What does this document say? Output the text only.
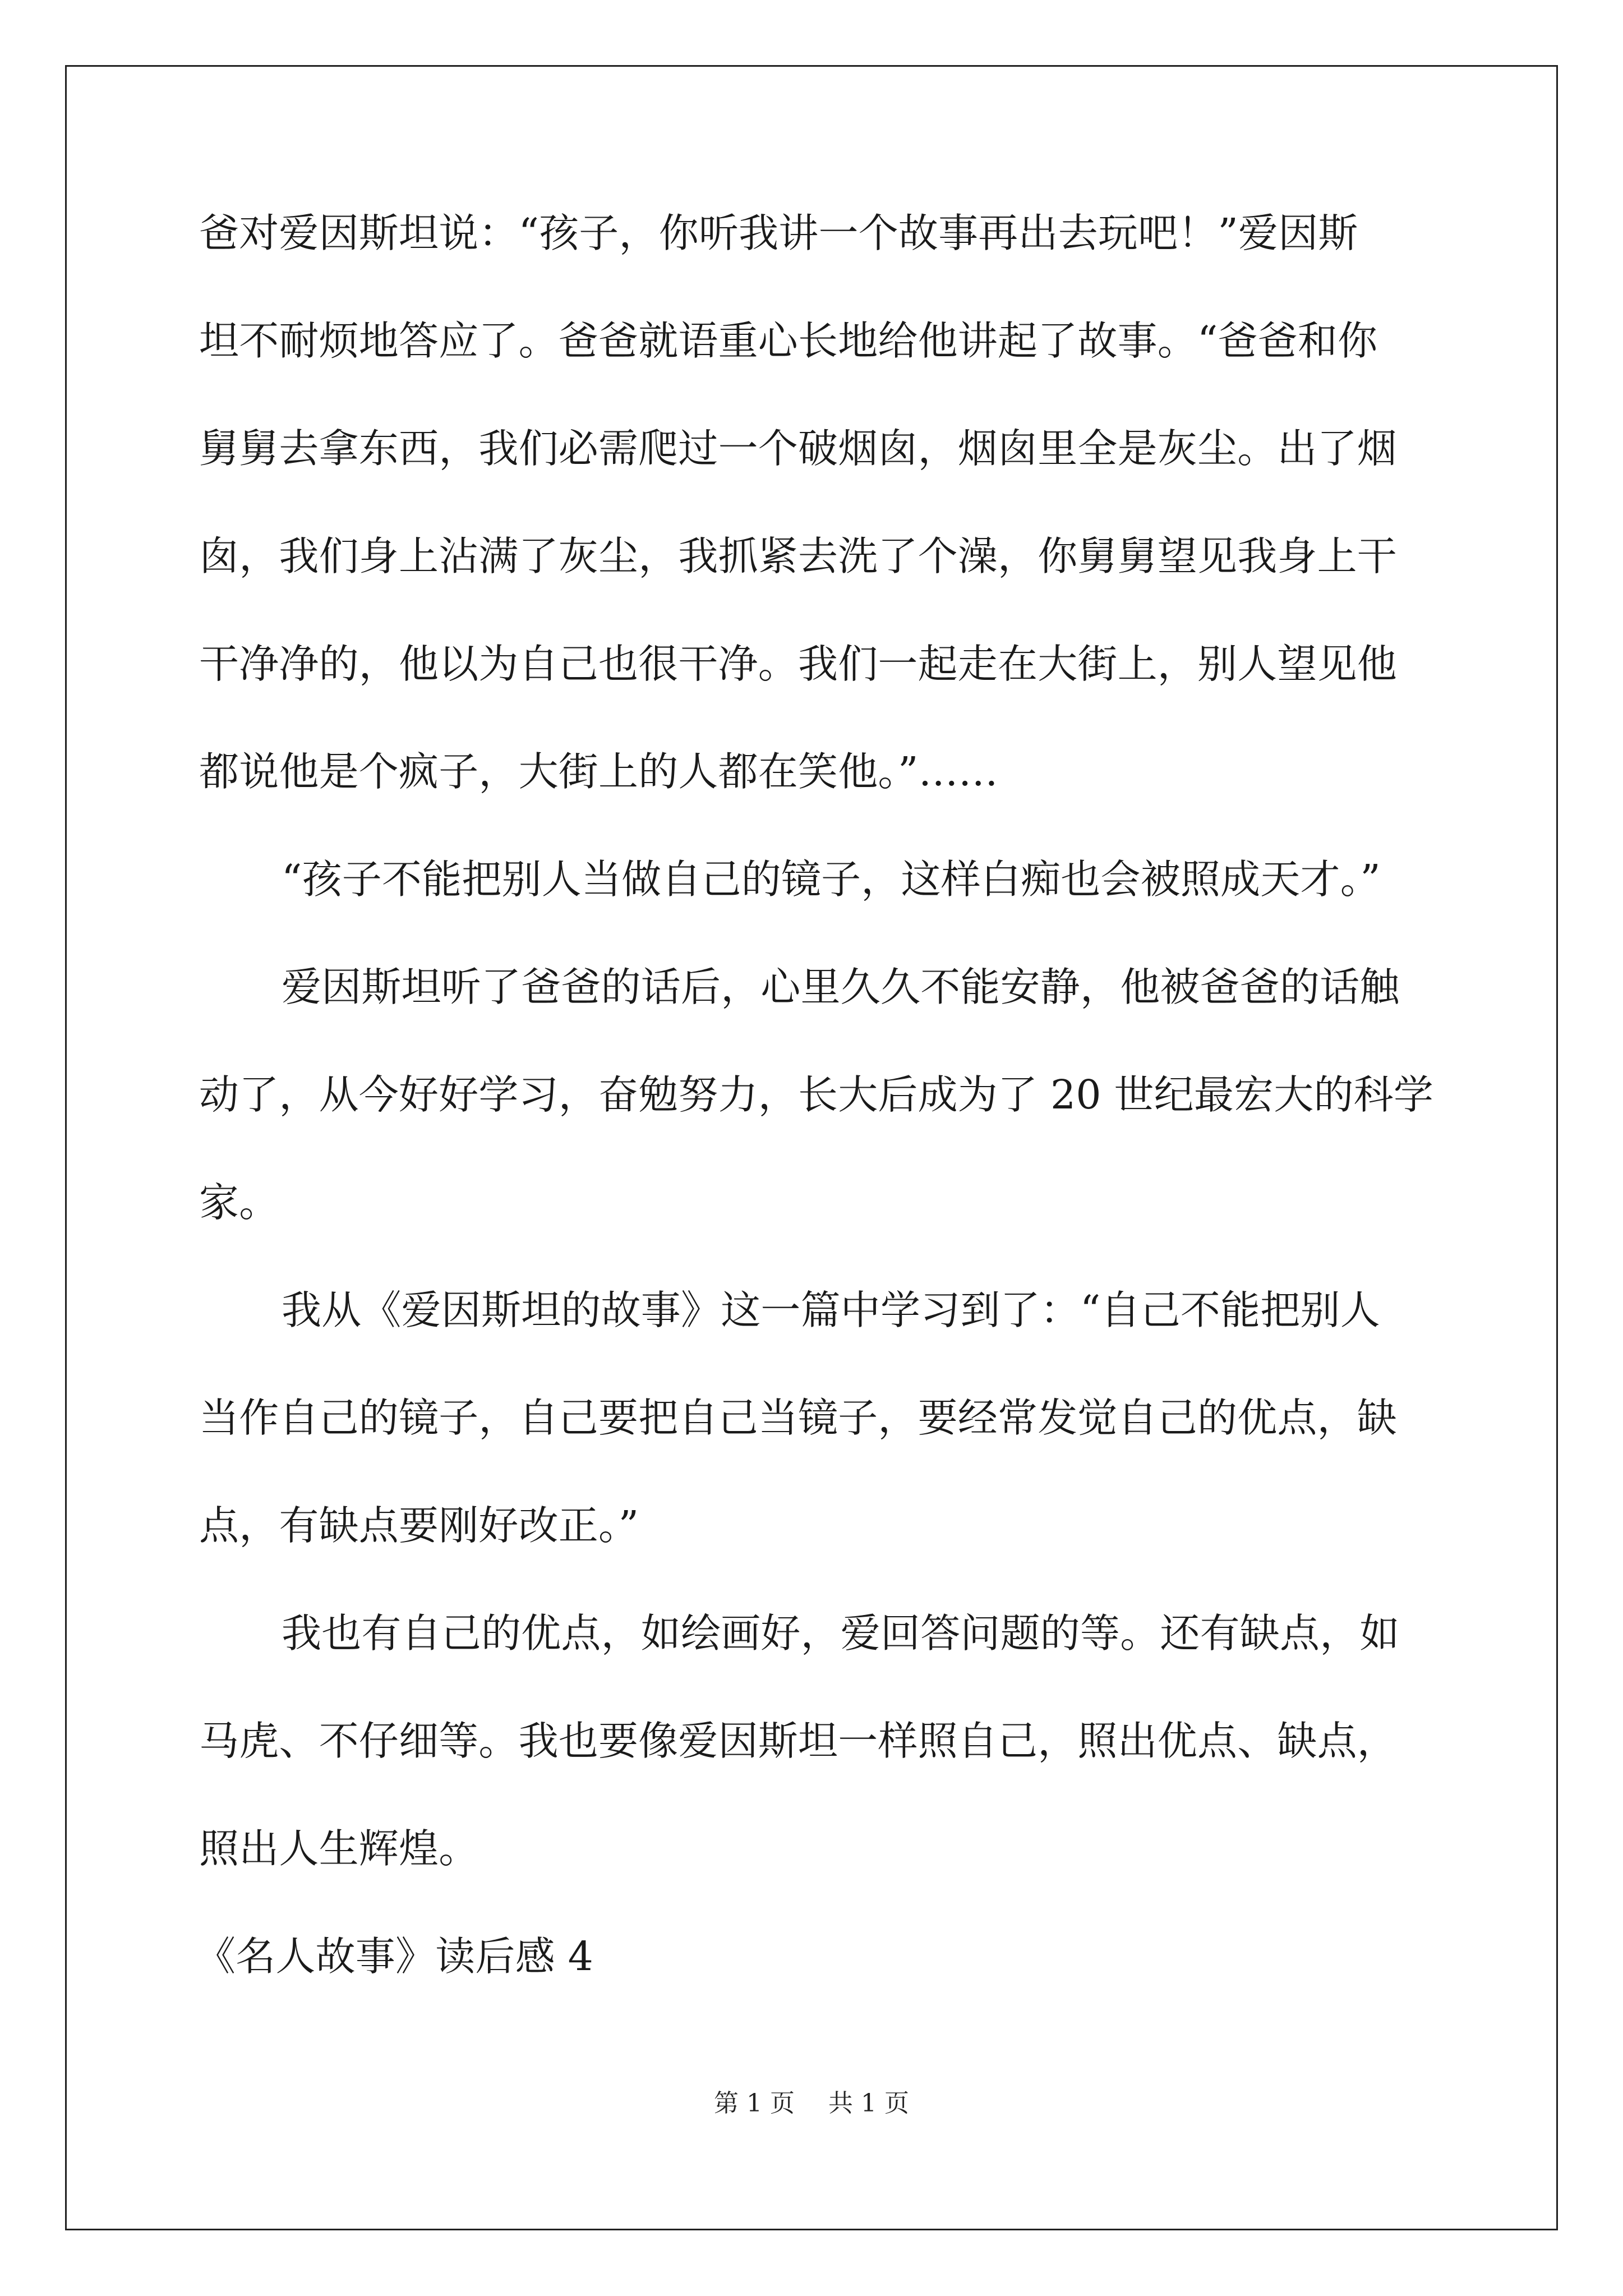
爸对爱因斯坦说：“孩子，你听我讲一个故事再出去玩吧！”爱因斯
坦不耐烦地答应了。爸爸就语重心长地给他讲起了故事。“爸爸和你
舅舅去拿东西，我们必需爬过一个破烟囱，烟囱里全是灰尘。出了烟
囱，我们身上沾满了灰尘，我抓紧去洗了个澡，你舅舅望见我身上干
干净净的，他以为自己也很干净。我们一起走在大街上，别人望见他
都说他是个疯子，大街上的人都在笑他。”……
“孩子不能把别人当做自己的镜子，这样白痴也会被照成天才。”
爱因斯坦听了爸爸的话后，心里久久不能安静，他被爸爸的话触
动了，从今好好学习，奋勉努力，长大后成为了 20 世纪最宏大的科学
家。
我从《爱因斯坦的故事》这一篇中学习到了：“自己不能把别人
当作自己的镜子，自己要把自己当镜子，要经常发觉自己的优点，缺
点，有缺点要刚好改正。”
我也有自己的优点，如绘画好，爱回答问题的等。还有缺点，如
马虎、不仔细等。我也要像爱因斯坦一样照自己，照出优点、缺点，
照出人生辉煌。
《名人故事》读后感 4
第 1 页 共 1 页
